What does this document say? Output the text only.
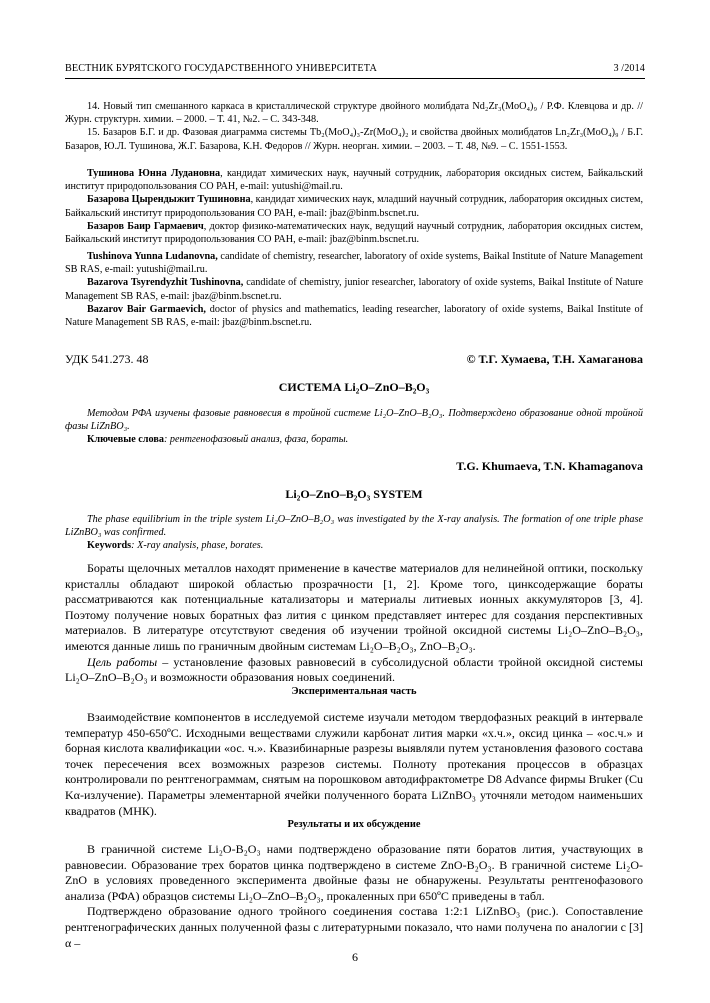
ВЕСТНИК БУРЯТСКОГО ГОСУДАРСТВЕННОГО УНИВЕРСИТЕТА	3 /2014

14. Новый тип смешанного каркаса в кристаллической структуре двойного молибдата Nd₂Zr₃(MoO₄)₉ / Р.Ф. Клевцова и др. // Журн. структурн. химии. – 2000. – Т. 41, №2. – С. 343-348.

15. Базаров Б.Г. и др. Фазовая диаграмма системы Tb₂(MoO₄)₃-Zr(MoO₄)₂ и свойства двойных молибдатов Ln₂Zr₃(MoO₄)₉ / Б.Г. Базаров, Ю.Л. Тушинова, Ж.Г. Базарова, К.Н. Федоров // Журн. неорган. химии. – 2003. – Т. 48, №9. – С. 1551-1553.

Тушинова Юнна Лудановна, кандидат химических наук, научный сотрудник, лаборатория оксидных систем, Байкальский институт природопользования СО РАН, e-mail: yutushi@mail.ru.

Базарова Цырендыжит Тушиновна, кандидат химических наук, младший научный сотрудник, лаборатория оксидных систем, Байкальский институт природопользования СО РАН, e-mail: jbaz@binm.bscnet.ru.

Базаров Баир Гармаевич, доктор физико-математических наук, ведущий научный сотрудник, лаборатория оксидных систем, Байкальский институт природопользования СО РАН, e-mail: jbaz@binm.bscnet.ru.

Tushinova Yunna Ludanovna, candidate of chemistry, researcher, laboratory of oxide systems, Baikal Institute of Nature Management SB RAS, e-mail: yutushi@mail.ru.

Bazarova Tsyrendyzhit Tushinovna, candidate of chemistry, junior researcher, laboratory of oxide systems, Baikal Institute of Nature Management SB RAS, e-mail: jbaz@binm.bscnet.ru.

Bazarov Bair Garmaevich, doctor of physics and mathematics, leading researcher, laboratory of oxide systems, Baikal Institute of Nature Management SB RAS, e-mail: jbaz@binm.bscnet.ru.

УДК 541.273. 48	© Т.Г. Хумаева, Т.Н. Хамаганова
СИСТЕМА Li₂O–ZnO–B₂O₃

Методом РФА изучены фазовые равновесия в тройной системе Li₂O–ZnO–B₂O₃. Подтверждено образование одной тройной фазы LiZnBO₃.

Ключевые слова: рентгенофазовый анализ, фаза, бораты.

T.G. Khumaeva, T.N. Khamaganova
Li₂O–ZnO–B₂O₃ SYSTEM

The phase equilibrium in the triple system Li₂O–ZnO–B₂O₃ was investigated by the X-ray analysis. The formation of one triple phase LiZnBO₃ was confirmed.

Keywords: X-ray analysis, phase, borates.

Бораты щелочных металлов находят применение в качестве материалов для нелинейной оптики, поскольку кристаллы обладают широкой областью прозрачности [1, 2]. Кроме того, цинксодержащие бораты рассматриваются как потенциальные катализаторы и материалы литиевых ионных аккумуляторов [3, 4]. Поэтому получение новых боратных фаз лития с цинком представляет интерес для создания перспективных материалов. В литературе отсутствуют сведения об изучении тройной оксидной системы Li₂O–ZnO–B₂O₃, имеются данные лишь по граничным двойным системам Li₂O–B₂O₃, ZnO–B₂O₃.

Цель работы – установление фазовых равновесий в субсолидусной области тройной оксидной системы Li₂O–ZnO–B₂O₃ и возможности образования новых соединений.

Экспериментальная часть

Взаимодействие компонентов в исследуемой системе изучали методом твердофазных реакций в интервале температур 450-650ºС. Исходными веществами служили карбонат лития марки «х.ч.», оксид цинка – «ос.ч.» и борная кислота квалификации «ос. ч.». Квазибинарные разрезы выявляли путем установления фазового состава точек пересечения всех возможных разрезов системы. Полноту протекания процессов в образцах контролировали по рентгенограммам, снятым на порошковом автодифрактометре D8 Advance фирмы Bruker (Cu Kα-излучение). Параметры элементарной ячейки полученного бората LiZnBO₃ уточняли методом наименьших квадратов (МНК).

Результаты и их обсуждение

В граничной системе Li₂O-B₂O₃ нами подтверждено образование пяти боратов лития, участвующих в равновесии. Образование трех боратов цинка подтверждено в системе ZnO-B₂O₃. В граничной системе Li₂O-ZnO в условиях проведенного эксперимента двойные фазы не обнаружены. Результаты рентгенофазового анализа (РФА) образцов системы Li₂O–ZnO–B₂O₃, прокаленных при 650ºС приведены в табл.

Подтверждено образование одного тройного соединения состава 1:2:1 LiZnBO₃ (рис.). Сопоставление рентгенографических данных полученной фазы с литературными показало, что нами получена по аналогии с [3] α –

6
